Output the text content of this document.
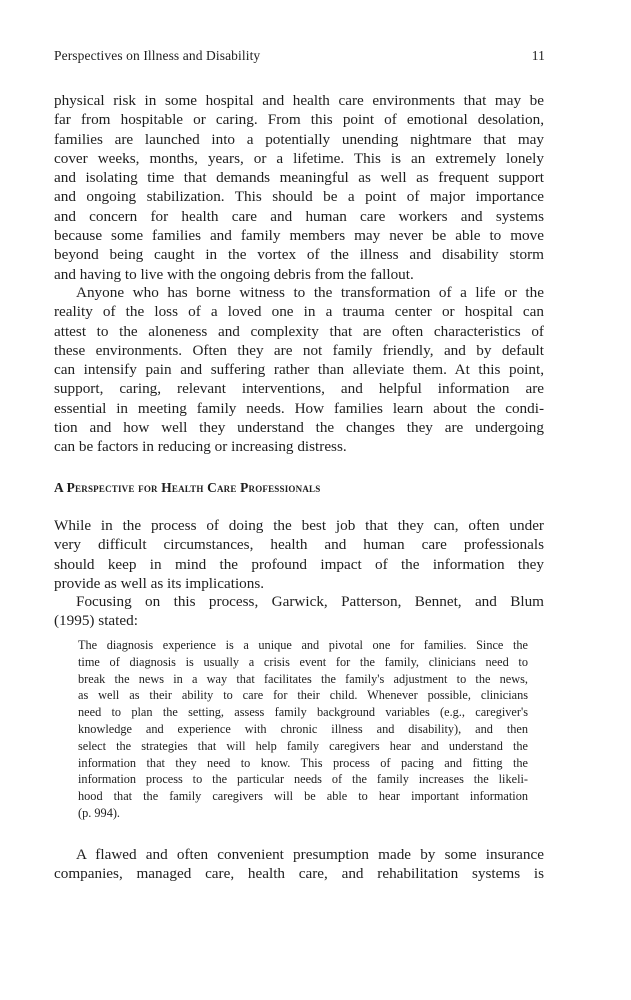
Perspectives on Illness and Disability	11
physical risk in some hospital and health care environments that may be
far from hospitable or caring. From this point of emotional desolation,
families are launched into a potentially unending nightmare that may
cover weeks, months, years, or a lifetime. This is an extremely lonely
and isolating time that demands meaningful as well as frequent support
and ongoing stabilization. This should be a point of major importance
and concern for health care and human care workers and systems
because some families and family members may never be able to move
beyond being caught in the vortex of the illness and disability storm
and having to live with the ongoing debris from the fallout.
Anyone who has borne witness to the transformation of a life or the
reality of the loss of a loved one in a trauma center or hospital can
attest to the aloneness and complexity that are often characteristics of
these environments. Often they are not family friendly, and by default
can intensify pain and suffering rather than alleviate them. At this point,
support, caring, relevant interventions, and helpful information are
essential in meeting family needs. How families learn about the condi-
tion and how well they understand the changes they are undergoing
can be factors in reducing or increasing distress.
A Perspective for Health Care Professionals
While in the process of doing the best job that they can, often under
very difficult circumstances, health and human care professionals
should keep in mind the profound impact of the information they
provide as well as its implications.
Focusing on this process, Garwick, Patterson, Bennet, and Blum
(1995) stated:
The diagnosis experience is a unique and pivotal one for families. Since the
time of diagnosis is usually a crisis event for the family, clinicians need to
break the news in a way that facilitates the family's adjustment to the news,
as well as their ability to care for their child. Whenever possible, clinicians
need to plan the setting, assess family background variables (e.g., caregiver's
knowledge and experience with chronic illness and disability), and then
select the strategies that will help family caregivers hear and understand the
information that they need to know. This process of pacing and fitting the
information process to the particular needs of the family increases the likeli-
hood that the family caregivers will be able to hear important information
(p. 994).
A flawed and often convenient presumption made by some insurance
companies, managed care, health care, and rehabilitation systems is
